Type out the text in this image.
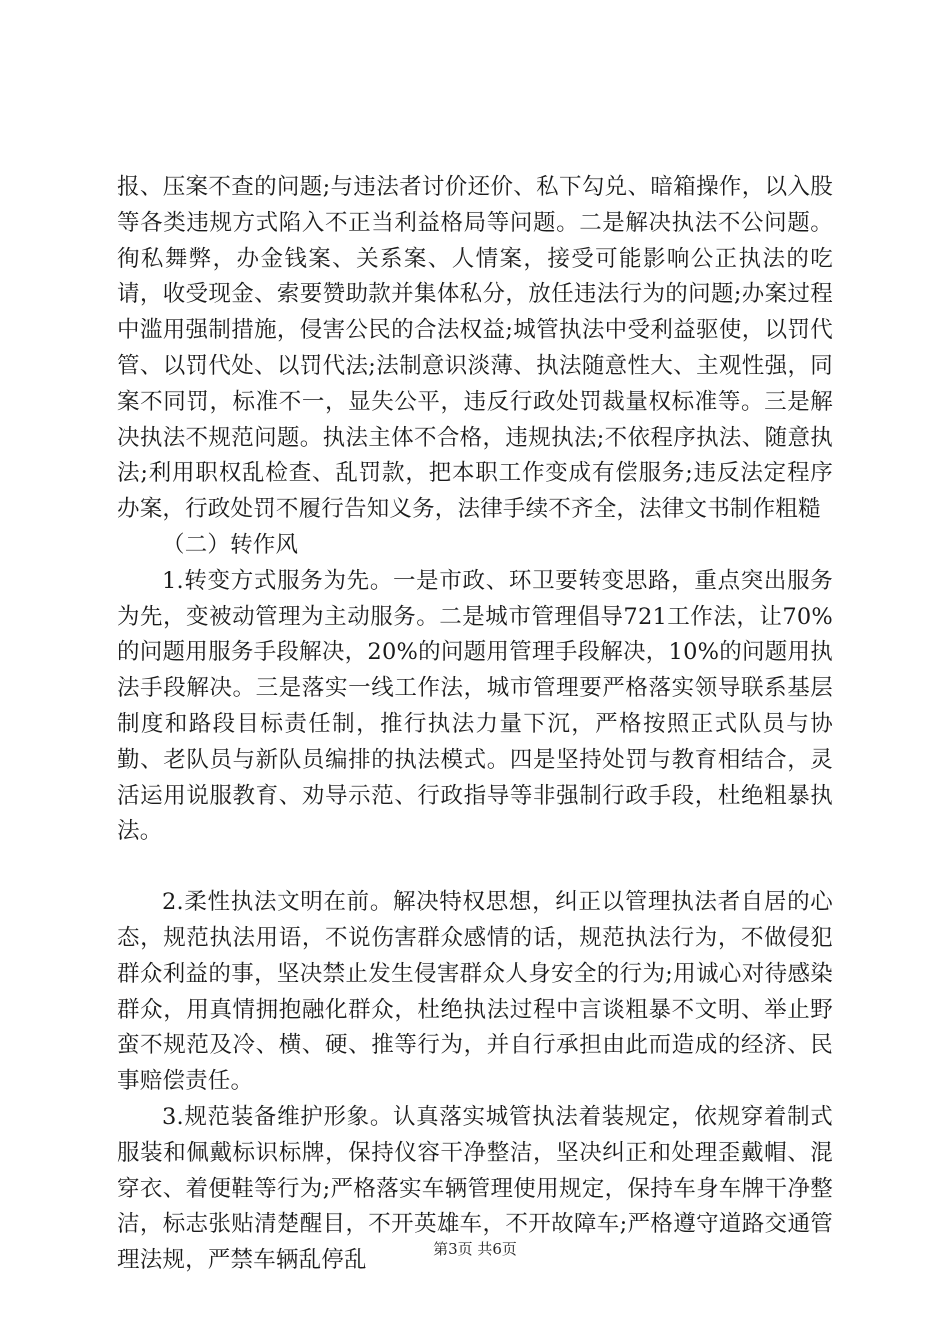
报、压案不查的问题;与违法者讨价还价、私下勾兑、暗箱操作，以入股等各类违规方式陷入不正当利益格局等问题。二是解决执法不公问题。徇私舞弊，办金钱案、关系案、人情案，接受可能影响公正执法的吃请，收受现金、索要赞助款并集体私分，放任违法行为的问题;办案过程中滥用强制措施，侵害公民的合法权益;城管执法中受利益驱使，以罚代管、以罚代处、以罚代法;法制意识淡薄、执法随意性大、主观性强，同案不同罚，标准不一，显失公平，违反行政处罚裁量权标准等。三是解决执法不规范问题。执法主体不合格，违规执法;不依程序执法、随意执法;利用职权乱检查、乱罚款，把本职工作变成有偿服务;违反法定程序办案，行政处罚不履行告知义务，法律手续不齐全，法律文书制作粗糙

（二）转作风

1.转变方式服务为先。一是市政、环卫要转变思路，重点突出服务为先，变被动管理为主动服务。二是城市管理倡导721工作法，让70%的问题用服务手段解决，20%的问题用管理手段解决，10%的问题用执法手段解决。三是落实一线工作法，城市管理要严格落实领导联系基层制度和路段目标责任制，推行执法力量下沉，严格按照正式队员与协勤、老队员与新队员编排的执法模式。四是坚持处罚与教育相结合，灵活运用说服教育、劝导示范、行政指导等非强制行政手段，杜绝粗暴执法。

2.柔性执法文明在前。解决特权思想，纠正以管理执法者自居的心态，规范执法用语，不说伤害群众感情的话，规范执法行为，不做侵犯群众利益的事，坚决禁止发生侵害群众人身安全的行为;用诚心对待感染群众，用真情拥抱融化群众，杜绝执法过程中言谈粗暴不文明、举止野蛮不规范及冷、横、硬、推等行为，并自行承担由此而造成的经济、民事赔偿责任。

3.规范装备维护形象。认真落实城管执法着装规定，依规穿着制式服装和佩戴标识标牌，保持仪容干净整洁，坚决纠正和处理歪戴帽、混穿衣、着便鞋等行为;严格落实车辆管理使用规定，保持车身车牌干净整洁，标志张贴清楚醒目，不开英雄车，不开故障车;严格遵守道路交通管理法规，严禁车辆乱停乱	第3页 共6页
